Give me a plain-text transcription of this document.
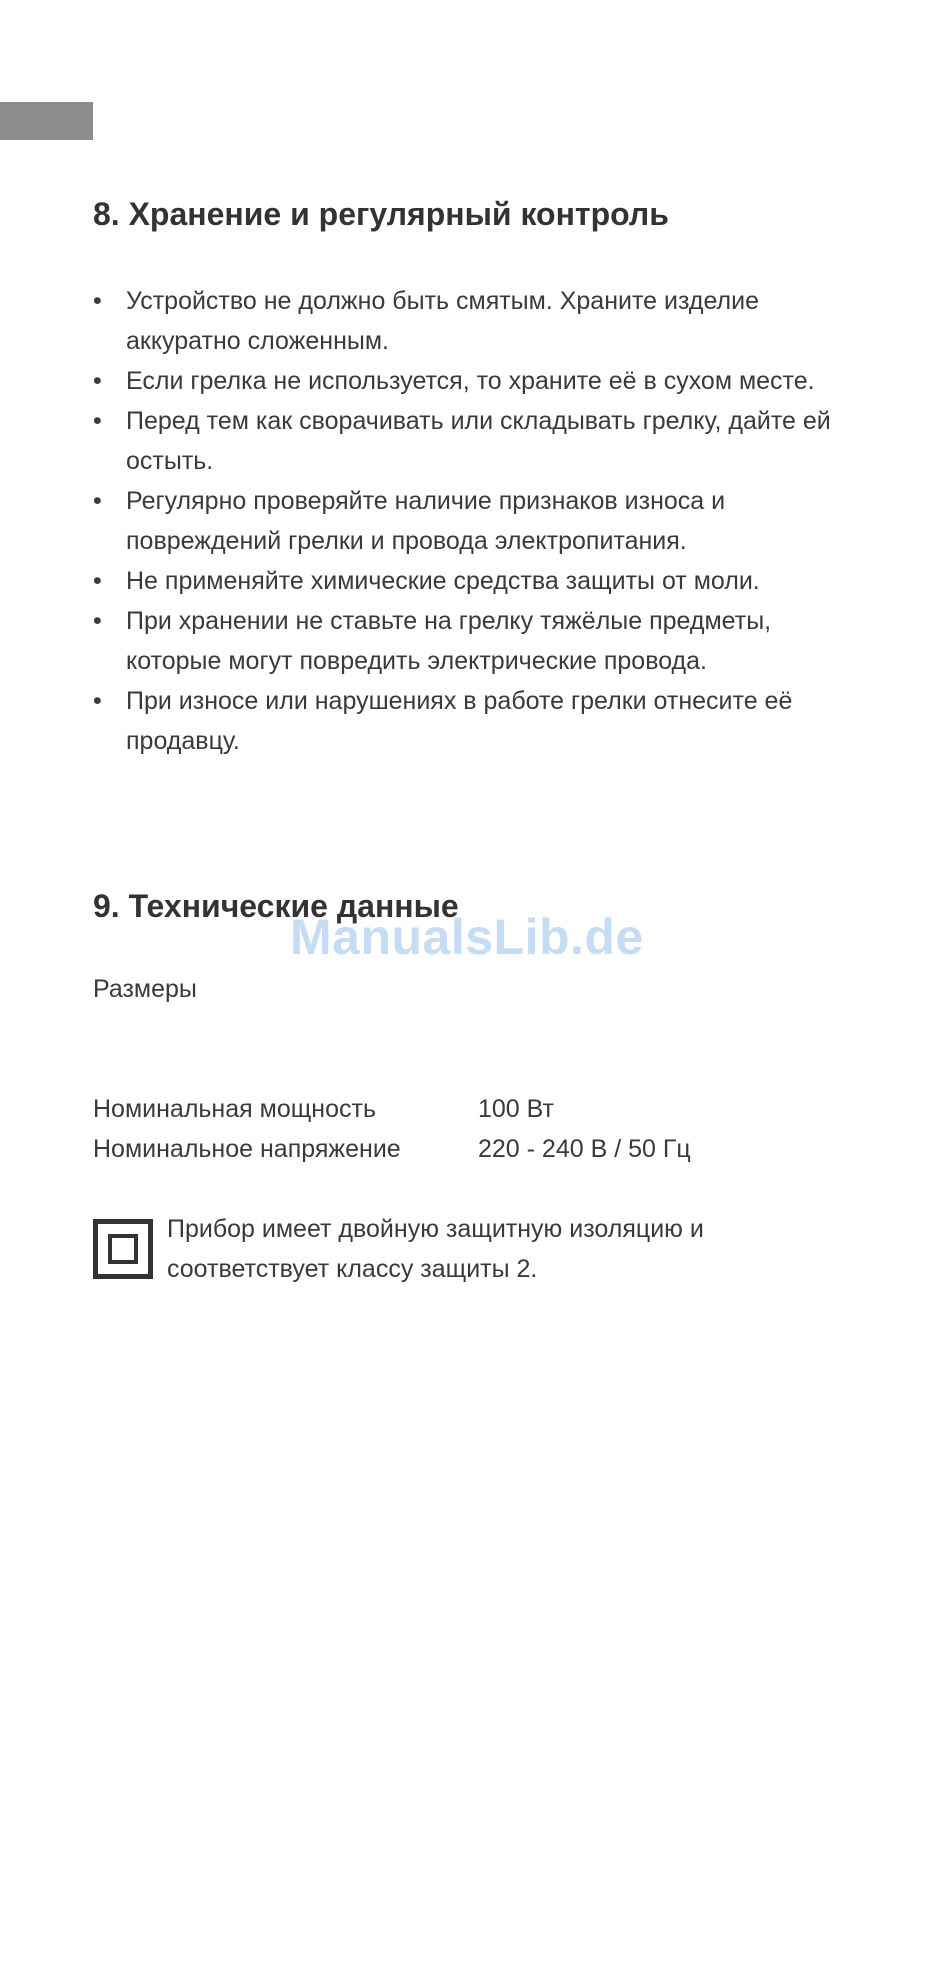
8. Хранение и регулярный контроль
• Устройство не должно быть смятым. Храните изделие аккуратно сложенным.
• Если грелка не используется, то храните её в сухом месте.
• Перед тем как сворачивать или складывать грелку, дайте ей остыть.
• Регулярно проверяйте наличие признаков износа и повреждений грелки и провода электропитания.
• Не применяйте химические средства защиты от моли.
• При хранении не ставьте на грелку тяжёлые предметы, которые могут повредить электрические провода.
• При износе или нарушениях в работе грелки отнесите её продавцу.
9. Технические данные
Размеры
Номинальная мощность	100 Вт
Номинальное напряжение	220 - 240 В / 50 Гц
Прибор имеет двойную защитную изоляцию и соответствует классу защиты 2.
ManualsLib.de
